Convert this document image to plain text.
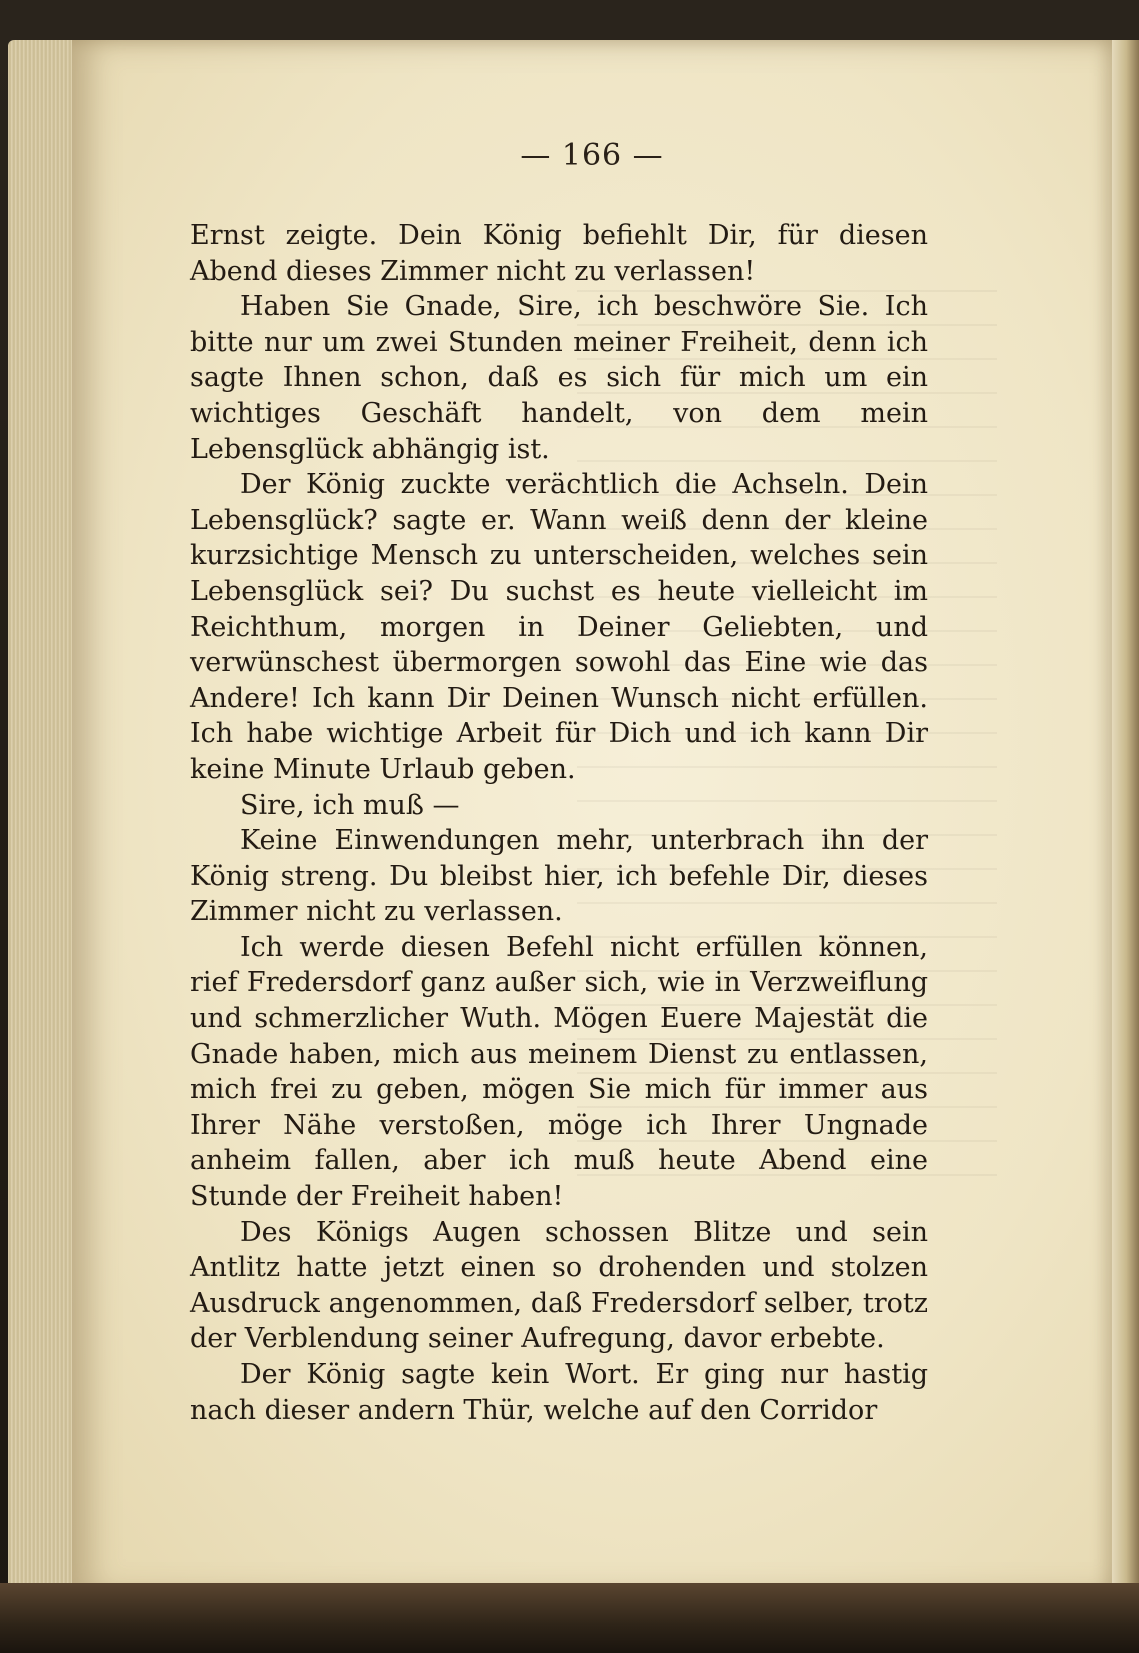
— 166 —

Ernst zeigte. Dein König befiehlt Dir, für diesen Abend dieses Zimmer nicht zu verlassen!

Haben Sie Gnade, Sire, ich beschwöre Sie. Ich bitte nur um zwei Stunden meiner Freiheit, denn ich sagte Ihnen schon, daß es sich für mich um ein wichtiges Geschäft handelt, von dem mein Lebensglück abhängig ist.

Der König zuckte verächtlich die Achseln. Dein Lebensglück? sagte er. Wann weiß denn der kleine kurzsichtige Mensch zu unterscheiden, welches sein Lebensglück sei? Du suchst es heute vielleicht im Reichthum, morgen in Deiner Geliebten, und verwünschest übermorgen sowohl das Eine wie das Andere! Ich kann Dir Deinen Wunsch nicht erfüllen. Ich habe wichtige Arbeit für Dich und ich kann Dir keine Minute Urlaub geben.

Sire, ich muß —

Keine Einwendungen mehr, unterbrach ihn der König streng. Du bleibst hier, ich befehle Dir, dieses Zimmer nicht zu verlassen.

Ich werde diesen Befehl nicht erfüllen können, rief Fredersdorf ganz außer sich, wie in Verzweiflung und schmerzlicher Wuth. Mögen Euere Majestät die Gnade haben, mich aus meinem Dienst zu entlassen, mich frei zu geben, mögen Sie mich für immer aus Ihrer Nähe verstoßen, möge ich Ihrer Ungnade anheim fallen, aber ich muß heute Abend eine Stunde der Freiheit haben!

Des Königs Augen schossen Blitze und sein Antlitz hatte jetzt einen so drohenden und stolzen Ausdruck angenommen, daß Fredersdorf selber, trotz der Verblendung seiner Aufregung, davor erbebte.

Der König sagte kein Wort. Er ging nur hastig nach dieser andern Thür, welche auf den Corridor
